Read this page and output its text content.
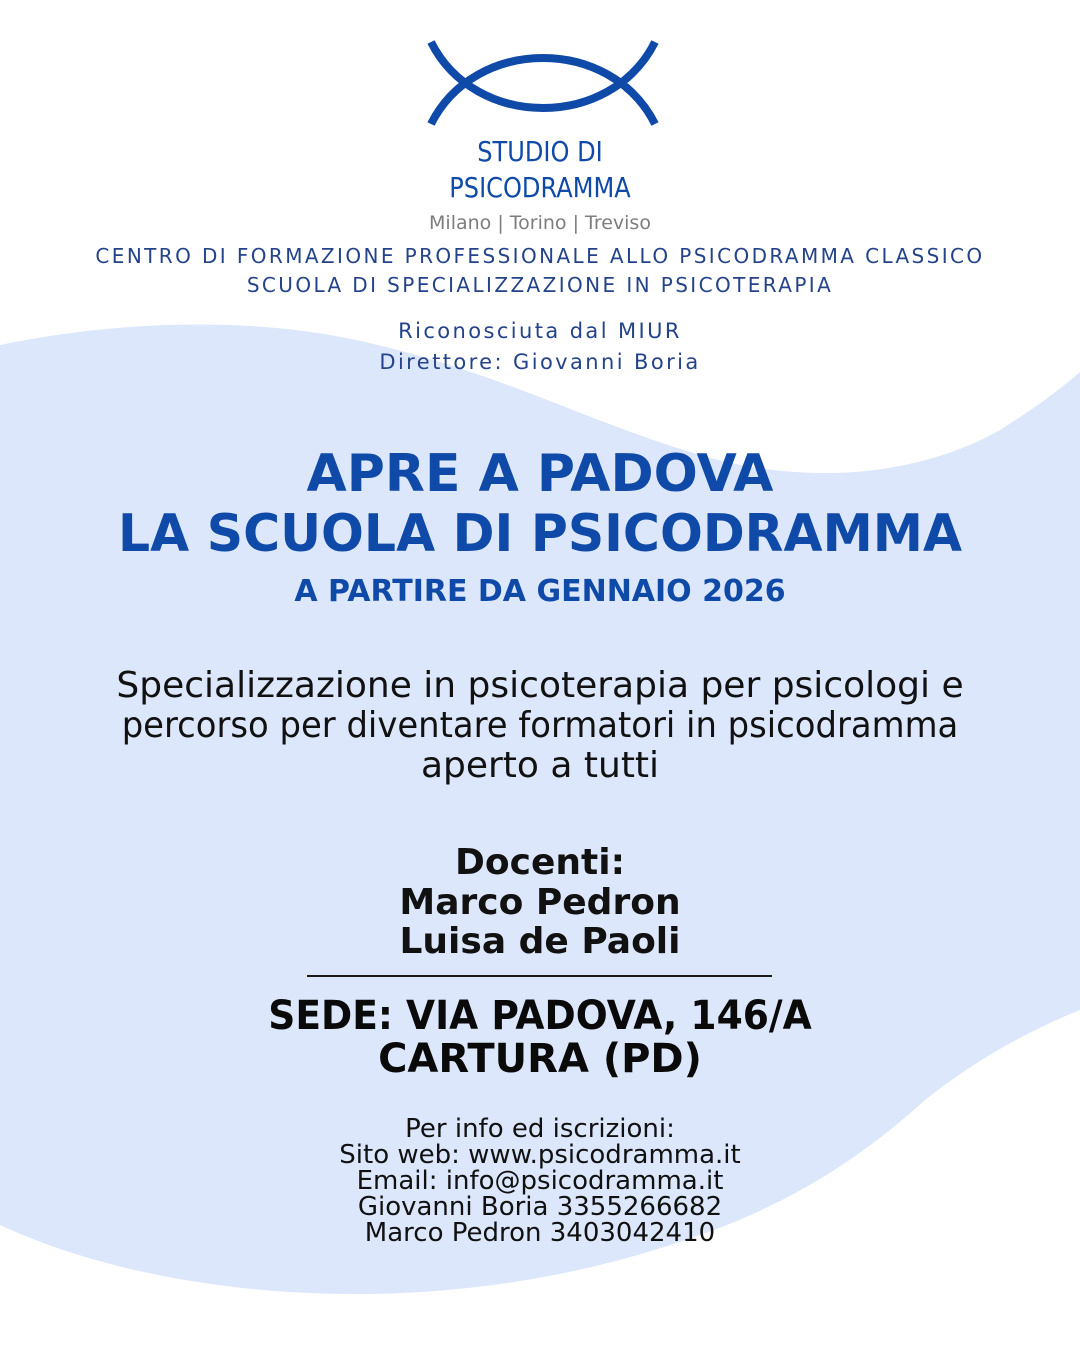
STUDIO DI

PSICODRAMMA

Milano | Torino | Treviso

CENTRO DI FORMAZIONE PROFESSIONALE ALLO PSICODRAMMA CLASSICO

SCUOLA DI SPECIALIZZAZIONE IN PSICOTERAPIA

Riconosciuta dal MIUR

Direttore: Giovanni Boria

APRE A PADOVA
LA SCUOLA DI PSICODRAMMA

A PARTIRE DA GENNAIO 2026

Specializzazione in psicoterapia per psicologi e

percorso per diventare formatori in psicodramma

aperto a tutti

Docenti:

Marco Pedron

Luisa de Paoli

SEDE: VIA PADOVA, 146/A

CARTURA (PD)

Per info ed iscrizioni:

Sito web: www.psicodramma.it

Email: info@psicodramma.it

Giovanni Boria 3355266682

Marco Pedron 3403042410
